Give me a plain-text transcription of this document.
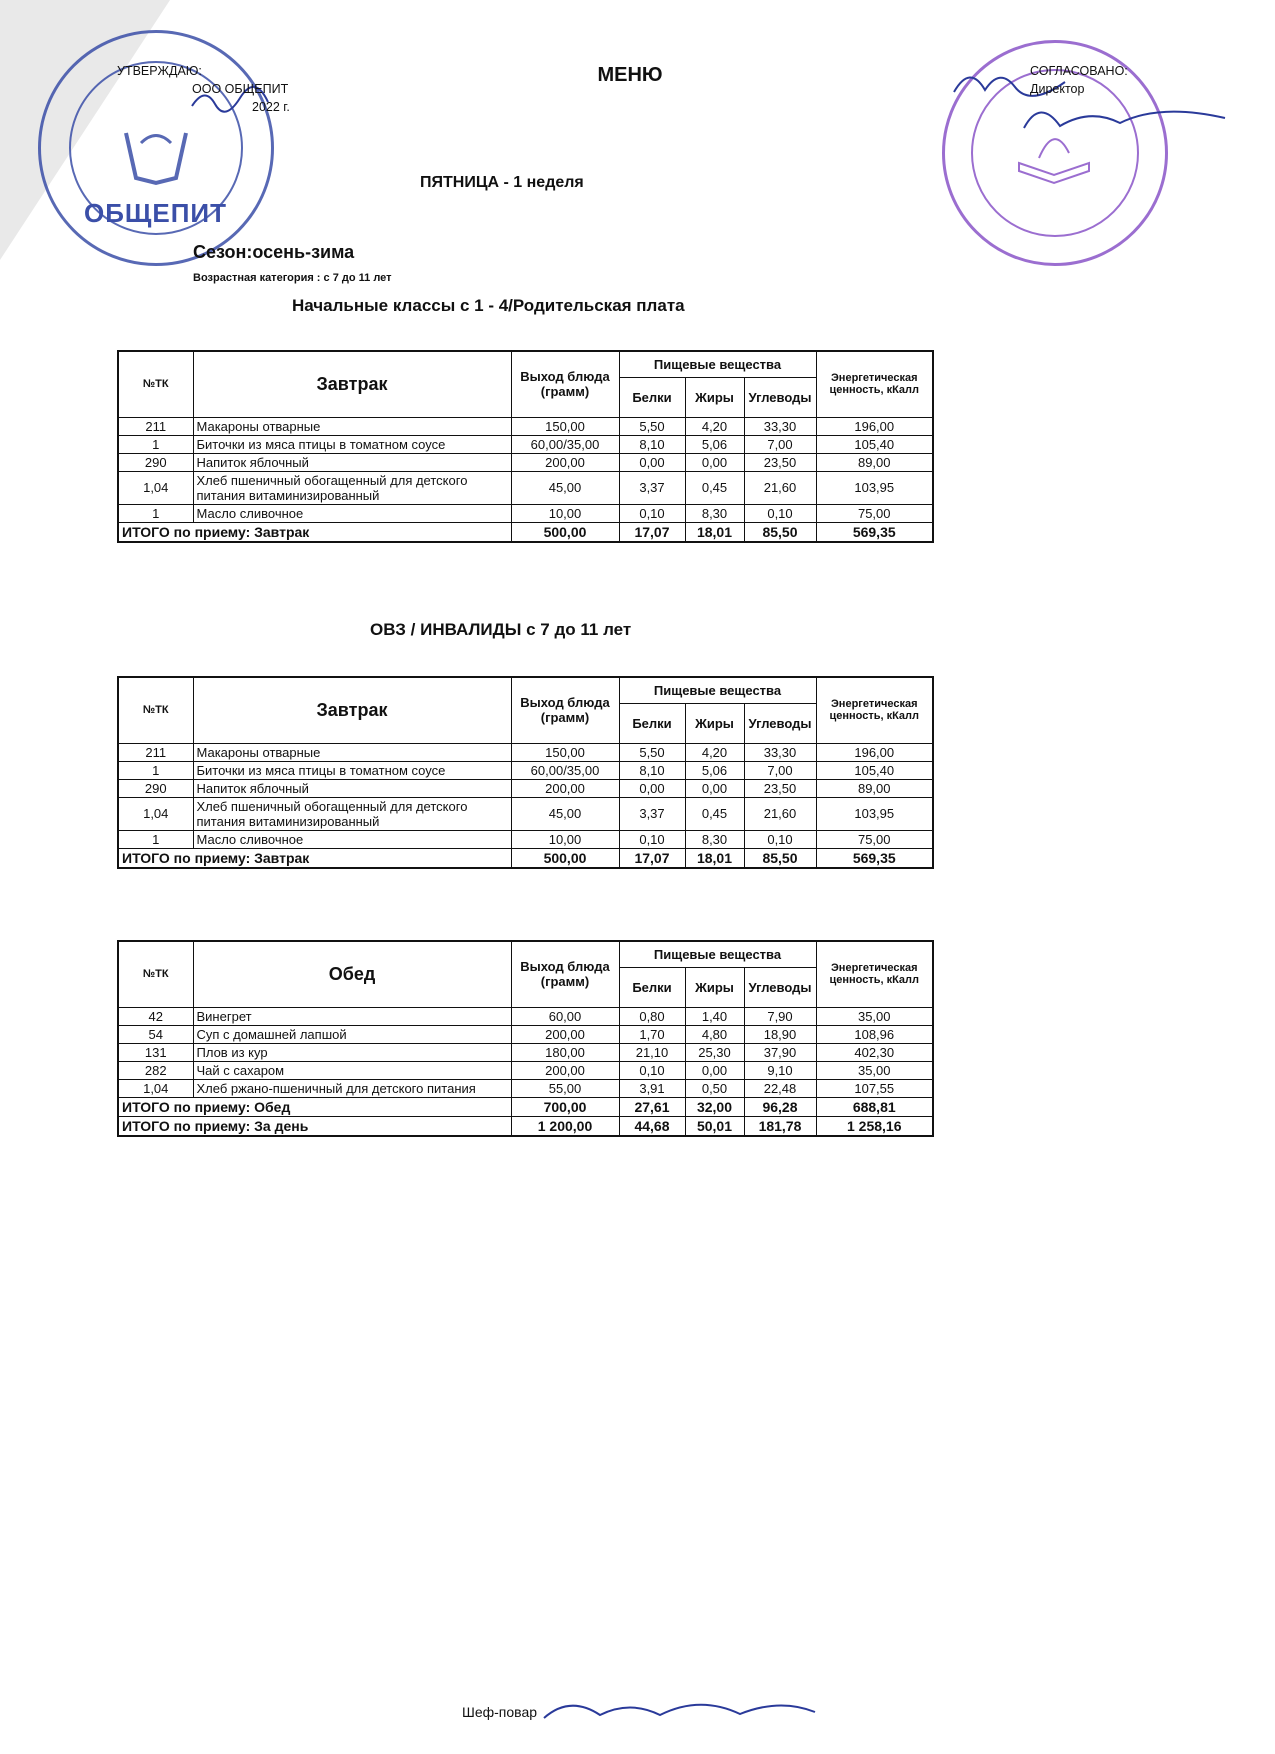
ОБЩЕПИТ
УТВЕРЖДАЮ:
ООО ОБЩЕПИТ
2022 г.
СОГЛАСОВАНО:
Директор
МЕНЮ
ПЯТНИЦА - 1 неделя
Сезон:осень-зима
Возрастная категория : с 7 до 11 лет
Начальные классы с 1 - 4/Родительская плата
ОВЗ / ИНВАЛИДЫ с 7 до 11 лет
№ТК	Завтрак	Выход блюда (грамм)	Пищевые вещества			Энергетическая ценность, кКалл
			Белки	Жиры	Углеводы	
211	Макароны отварные	150,00	5,50	4,20	33,30	196,00
1	Биточки из мяса птицы в томатном соусе	60,00/35,00	8,10	5,06	7,00	105,40
290	Напиток яблочный	200,00	0,00	0,00	23,50	89,00
1,04	Хлеб пшеничный обогащенный для детского питания витаминизированный	45,00	3,37	0,45	21,60	103,95
1	Масло сливочное	10,00	0,10	8,30	0,10	75,00
ИТОГО по приему: Завтрак		500,00	17,07	18,01	85,50	569,35
№ТК	Завтрак	Выход блюда (грамм)	Пищевые вещества			Энергетическая ценность, кКалл
			Белки	Жиры	Углеводы	
211	Макароны отварные	150,00	5,50	4,20	33,30	196,00
1	Биточки из мяса птицы в томатном соусе	60,00/35,00	8,10	5,06	7,00	105,40
290	Напиток яблочный	200,00	0,00	0,00	23,50	89,00
1,04	Хлеб пшеничный обогащенный для детского питания витаминизированный	45,00	3,37	0,45	21,60	103,95
1	Масло сливочное	10,00	0,10	8,30	0,10	75,00
ИТОГО по приему: Завтрак		500,00	17,07	18,01	85,50	569,35
№ТК	Обед	Выход блюда (грамм)	Пищевые вещества			Энергетическая ценность, кКалл
			Белки	Жиры	Углеводы	
42	Винегрет	60,00	0,80	1,40	7,90	35,00
54	Суп с домашней лапшой	200,00	1,70	4,80	18,90	108,96
131	Плов из кур	180,00	21,10	25,30	37,90	402,30
282	Чай с сахаром	200,00	0,10	0,00	9,10	35,00
1,04	Хлеб ржано-пшеничный для детского питания	55,00	3,91	0,50	22,48	107,55
ИТОГО по приему: Обед		700,00	27,61	32,00	96,28	688,81
ИТОГО по приему: За день		1 200,00	44,68	50,01	181,78	1 258,16
Шеф-повар
